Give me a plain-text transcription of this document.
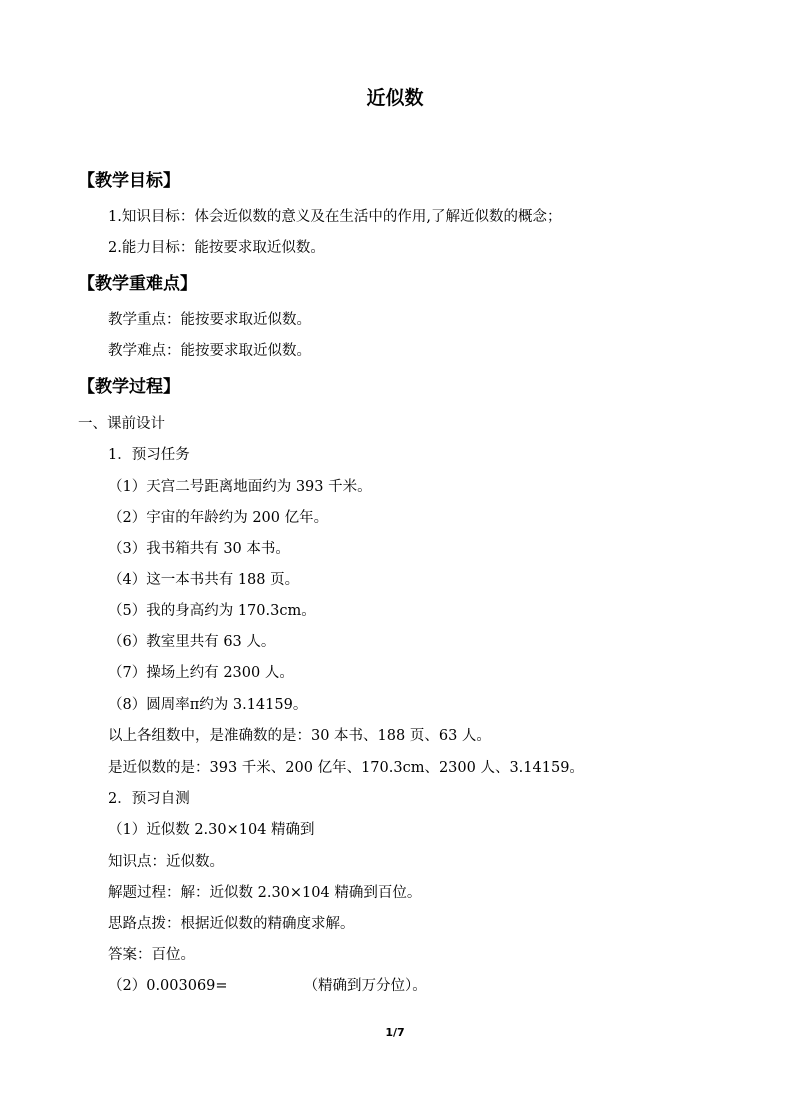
近似数
【教学目标】

1.知识目标：体会近似数的意义及在生活中的作用,了解近似数的概念；

2.能力目标：能按要求取近似数。

【教学重难点】

教学重点：能按要求取近似数。

教学难点：能按要求取近似数。

【教学过程】

一、课前设计

1．预习任务

（1）天宫二号距离地面约为 393 千米。

（2）宇宙的年龄约为 200 亿年。

（3）我书箱共有 30 本书。

（4）这一本书共有 188 页。

（5）我的身高约为 170.3cm。

（6）教室里共有 63 人。

（7）操场上约有 2300 人。

（8）圆周率π约为 3.14159。

以上各组数中，是准确数的是：30 本书、188 页、63 人。

是近似数的是：393 千米、200 亿年、170.3cm、2300 人、3.14159。

2．预习自测

（1）近似数 2.30×104 精确到

知识点：近似数。

解题过程：解：近似数 2.30×104 精确到百位。

思路点拨：根据近似数的精确度求解。

答案：百位。

（2）0.003069=	（精确到万分位）。

1/7
